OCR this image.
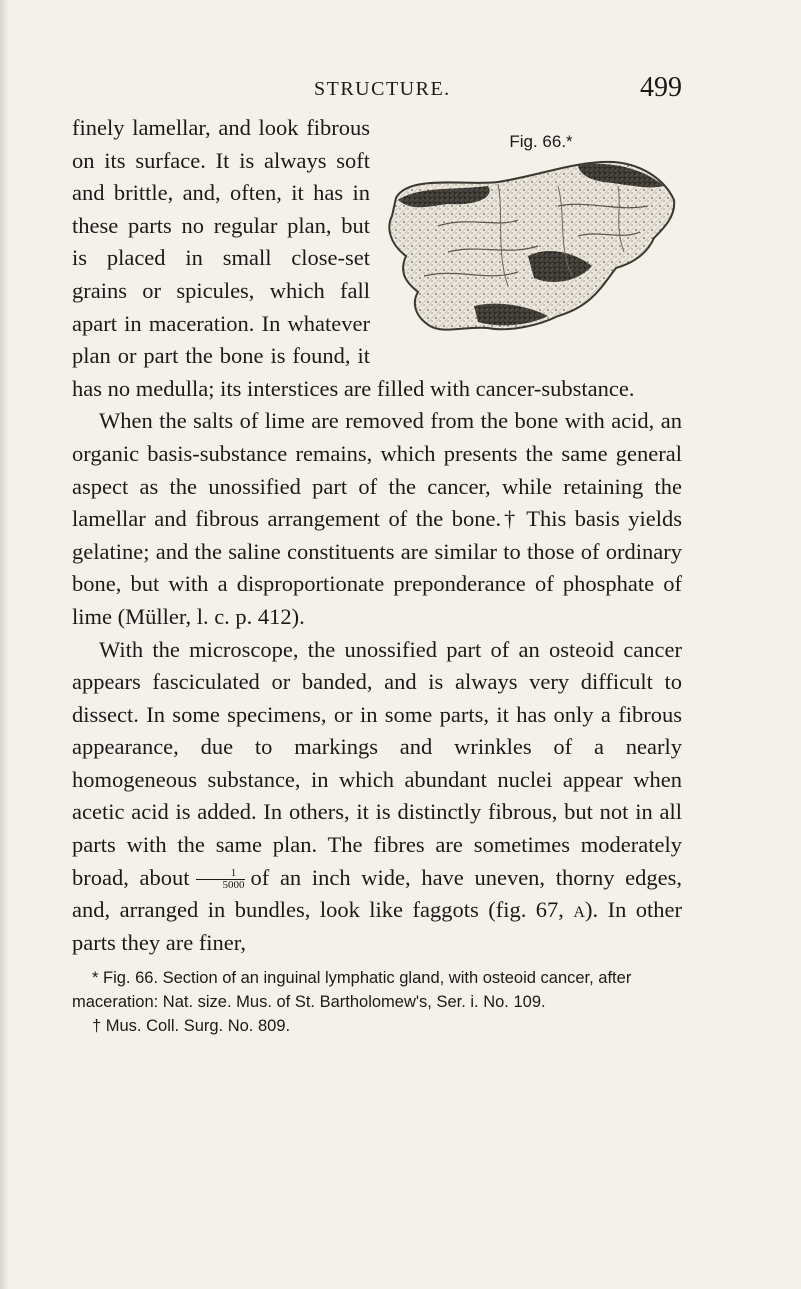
STRUCTURE.	499

Fig. 66.*
finely lamellar, and look fibrous on its surface. It is always soft and brittle, and, often, it has in these parts no regular plan, but is placed in small close-set grains or spicules, which fall apart in maceration. In whatever plan or part the bone is found, it has no medulla; its interstices are filled with cancer-substance.

When the salts of lime are removed from the bone with acid, an organic basis-substance remains, which presents the same general aspect as the unossified part of the cancer, while retaining the lamellar and fibrous arrangement of the bone.† This basis yields gelatine; and the saline constituents are similar to those of ordinary bone, but with a disproportionate preponderance of phosphate of lime (Müller, l. c. p. 412).

With the microscope, the unossified part of an osteoid cancer appears fasciculated or banded, and is always very difficult to dissect. In some specimens, or in some parts, it has only a fibrous appearance, due to markings and wrinkles of a nearly homogeneous substance, in which abundant nuclei appear when acetic acid is added. In others, it is distinctly fibrous, but not in all parts with the same plan. The fibres are sometimes moderately broad, about $\frac{1}{5000}$ of an inch wide, have uneven, thorny edges, and, arranged in bundles, look like faggots (fig. 67, a). In other parts they are finer,

* Fig. 66. Section of an inguinal lymphatic gland, with osteoid cancer, after maceration: Nat. size. Mus. of St. Bartholomew's, Ser. i. No. 109.

† Mus. Coll. Surg. No. 809.
